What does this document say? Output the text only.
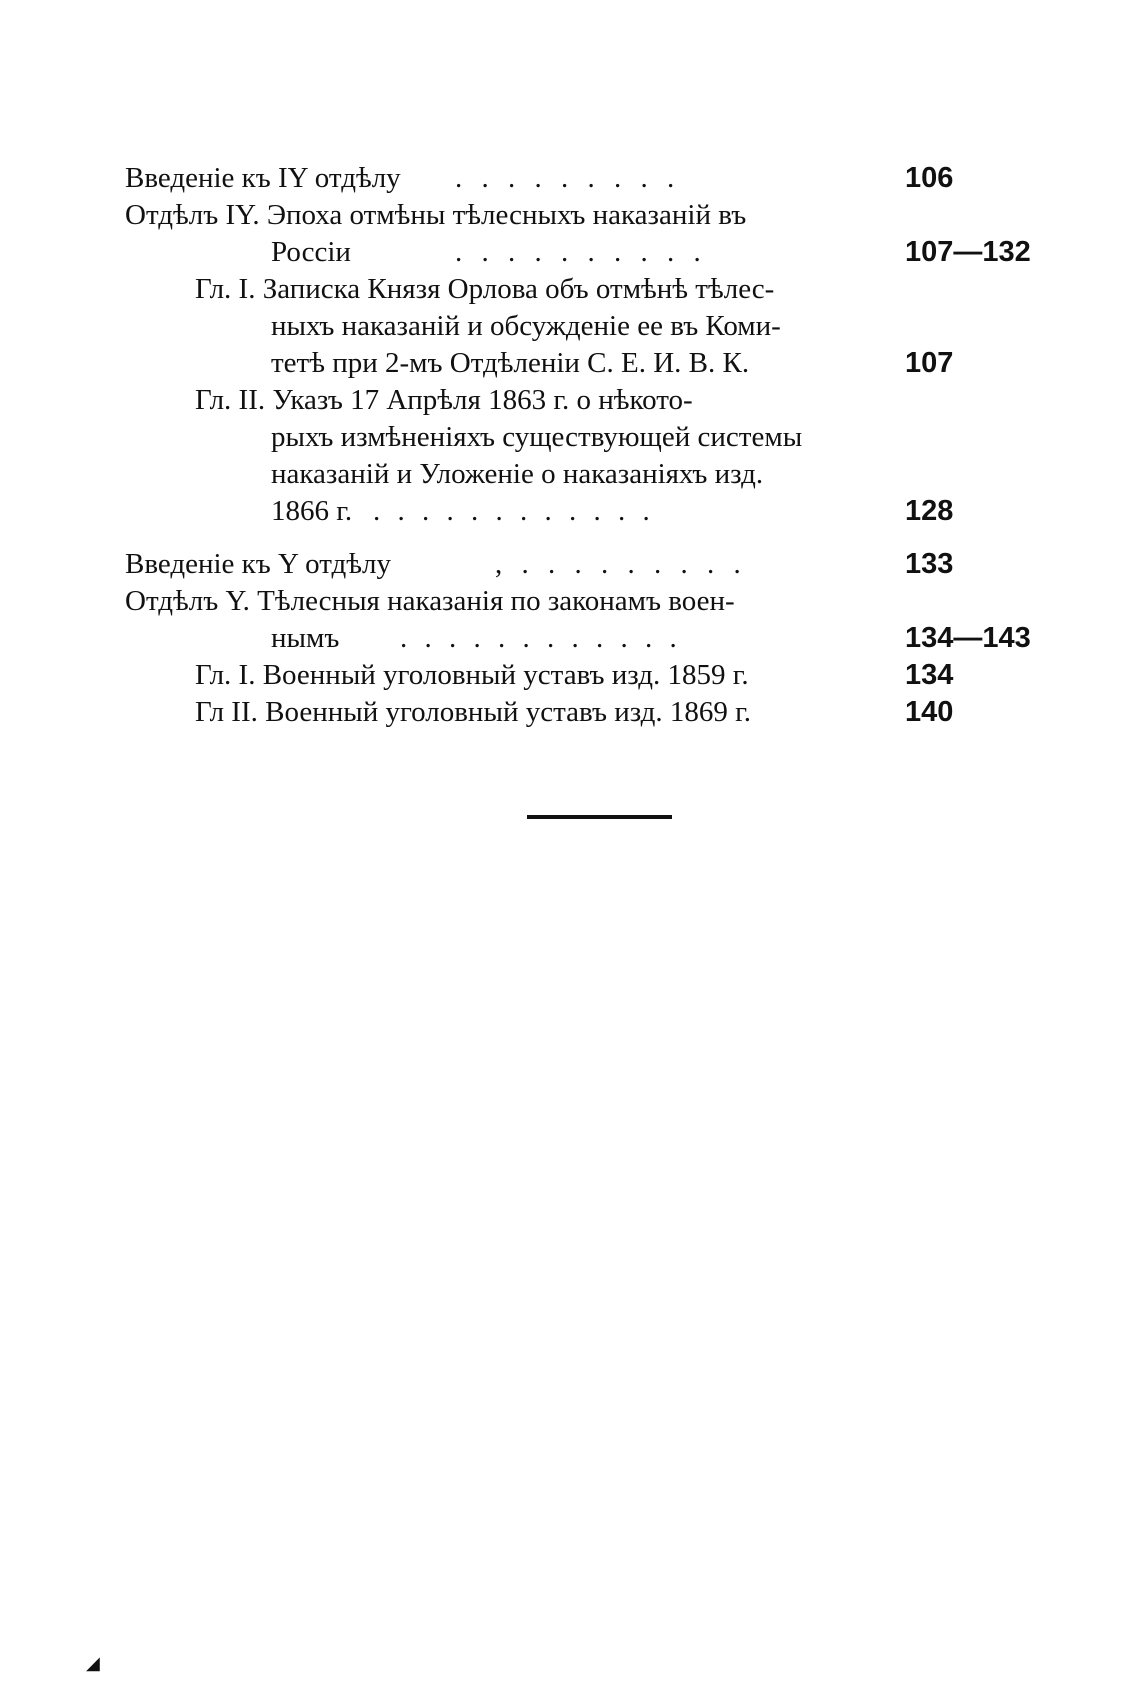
Введеніе къ IY отдѣлу . . . . . . . . .	106
Отдѣлъ IY. Эпоха отмѣны тѣлесныхъ наказаній въ
Россіи	. . . . . . . . . .	107—132
Гл. I. Записка Князя Орлова объ отмѣнѣ тѣлес-
ныхъ наказаній и обсужденіе ее въ Коми-
тетѣ при 2-мъ Отдѣленіи С. Е. И. В. К.	107
Гл. II. Указъ 17 Апрѣля 1863 г. о нѣкото-
рыхъ измѣненіяхъ существующей системы
наказаній и Уложеніе о наказаніяхъ изд.
1866 г. . . . . . . . . . . . .	128
Введеніе къ Y отдѣлу	, . . . . . . . . .	133
Отдѣлъ Y. Тѣлесныя наказанія по законамъ воен-
нымъ . . . . . . . . . . . .	134—143
Гл. I. Военный уголовный уставъ изд. 1859 г.	134
Гл II. Военный уголовный уставъ изд. 1869 г.	140
◢
